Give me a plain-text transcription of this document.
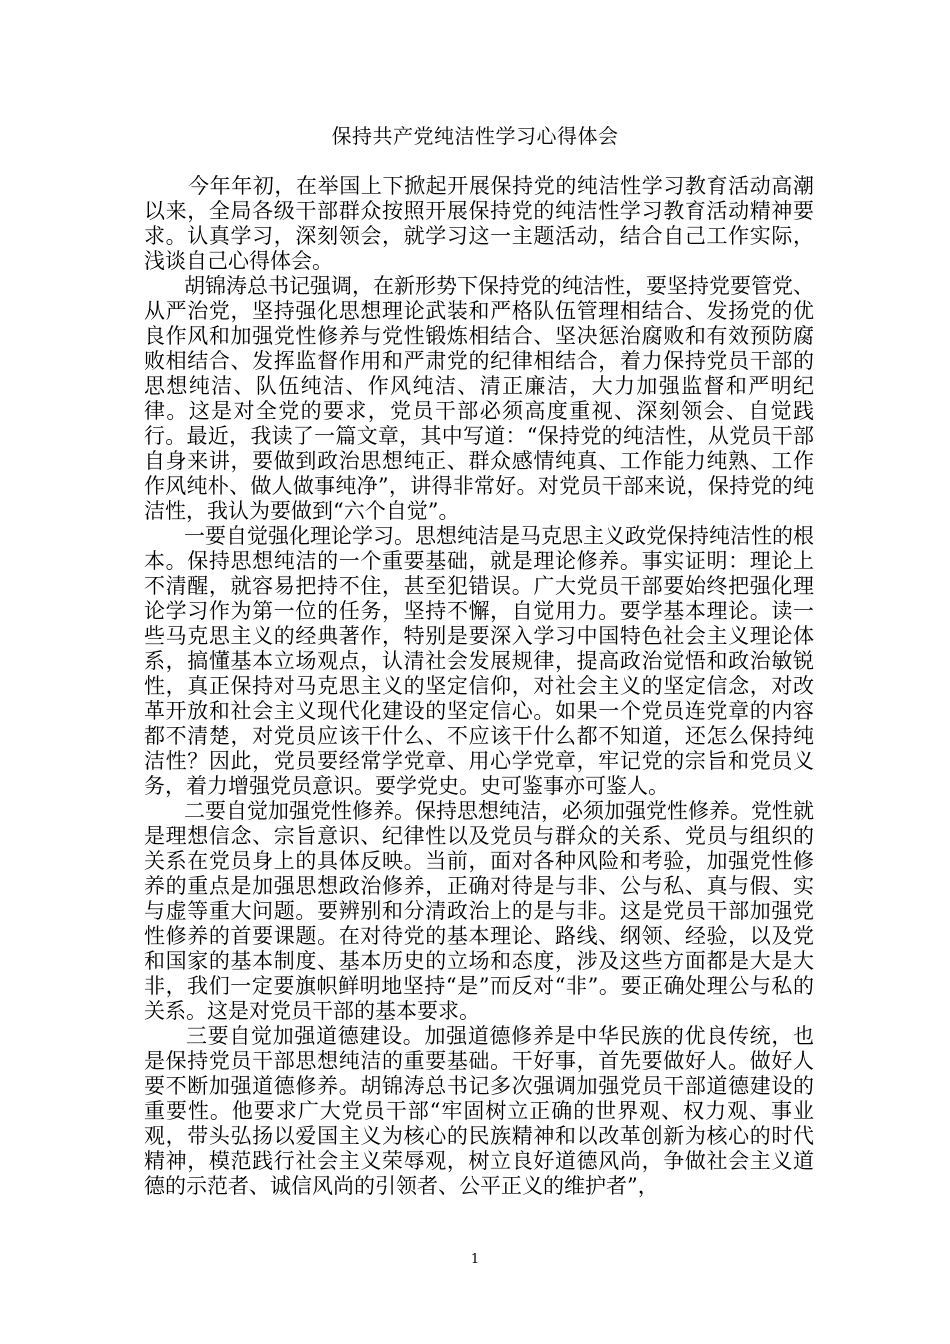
保持共产党纯洁性学习心得体会

今年年初，在举国上下掀起开展保持党的纯洁性学习教育活动高潮以来，全局各级干部群众按照开展保持党的纯洁性学习教育活动精神要求。认真学习，深刻领会，就学习这一主题活动，结合自己工作实际，浅谈自己心得体会。

胡锦涛总书记强调，在新形势下保持党的纯洁性，要坚持党要管党、从严治党，坚持强化思想理论武装和严格队伍管理相结合、发扬党的优良作风和加强党性修养与党性锻炼相结合、坚决惩治腐败和有效预防腐败相结合、发挥监督作用和严肃党的纪律相结合，着力保持党员干部的思想纯洁、队伍纯洁、作风纯洁、清正廉洁，大力加强监督和严明纪律。这是对全党的要求，党员干部必须高度重视、深刻领会、自觉践行。最近，我读了一篇文章，其中写道：“保持党的纯洁性，从党员干部自身来讲，要做到政治思想纯正、群众感情纯真、工作能力纯熟、工作作风纯朴、做人做事纯净”，讲得非常好。对党员干部来说，保持党的纯洁性，我认为要做到“六个自觉”。

一要自觉强化理论学习。思想纯洁是马克思主义政党保持纯洁性的根本。保持思想纯洁的一个重要基础，就是理论修养。事实证明：理论上不清醒，就容易把持不住，甚至犯错误。广大党员干部要始终把强化理论学习作为第一位的任务，坚持不懈，自觉用力。要学基本理论。读一些马克思主义的经典著作，特别是要深入学习中国特色社会主义理论体系，搞懂基本立场观点，认清社会发展规律，提高政治觉悟和政治敏锐性，真正保持对马克思主义的坚定信仰，对社会主义的坚定信念，对改革开放和社会主义现代化建设的坚定信心。如果一个党员连党章的内容都不清楚，对党员应该干什么、不应该干什么都不知道，还怎么保持纯洁性？因此，党员要经常学党章、用心学党章，牢记党的宗旨和党员义务，着力增强党员意识。要学党史。史可鉴事亦可鉴人。

二要自觉加强党性修养。保持思想纯洁，必须加强党性修养。党性就是理想信念、宗旨意识、纪律性以及党员与群众的关系、党员与组织的关系在党员身上的具体反映。当前，面对各种风险和考验，加强党性修养的重点是加强思想政治修养，正确对待是与非、公与私、真与假、实与虚等重大问题。要辨别和分清政治上的是与非。这是党员干部加强党性修养的首要课题。在对待党的基本理论、路线、纲领、经验，以及党和国家的基本制度、基本历史的立场和态度，涉及这些方面都是大是大非，我们一定要旗帜鲜明地坚持“是”而反对“非”。要正确处理公与私的关系。这是对党员干部的基本要求。

三要自觉加强道德建设。加强道德修养是中华民族的优良传统，也是保持党员干部思想纯洁的重要基础。干好事，首先要做好人。做好人要不断加强道德修养。胡锦涛总书记多次强调加强党员干部道德建设的重要性。他要求广大党员干部“牢固树立正确的世界观、权力观、事业观，带头弘扬以爱国主义为核心的民族精神和以改革创新为核心的时代精神，模范践行社会主义荣辱观，树立良好道德风尚，争做社会主义道德的示范者、诚信风尚的引领者、公平正义的维护者”，

1
